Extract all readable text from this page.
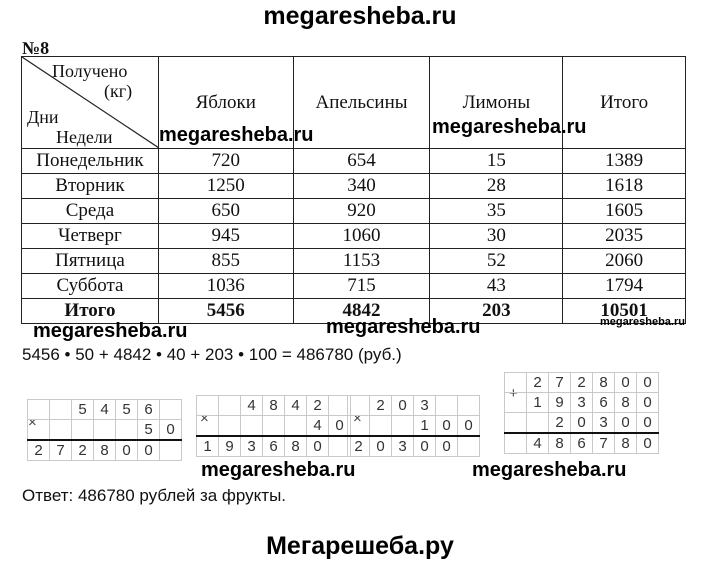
megaresheba.ru
№8
Получено
(кг)
Дни
Недели	Яблоки	Апельсины	Лимоны	Итого
Понедельник	720	654	15	1389
Вторник	1250	340	28	1618
Среда	650	920	35	1605
Четверг	945	1060	30	2035
Пятница	855	1153	52	2060
Суббота	1036	715	43	1794
Итого	5456	4842	203	10501
megaresheba.ru	megaresheba.ru
megaresheba.ru	megaresheba.ru	megaresheba.ru
5456 • 50 + 4842 • 40 + 203 • 100 = 486780 (руб.)
×
		5	4	5	6	
					5	0
2	7	2	8	0	0	
×
		4	8	4	2	
					4	0
1	9	3	6	8	0	
×
	2	0	3		
			1	0	0
2	0	3	0	0	
+
	2	7	2	8	0	0
	1	9	3	6	8	0
		2	0	3	0	0
	4	8	6	7	8	0
megaresheba.ru	megaresheba.ru
Ответ: 486780 рублей за фрукты.
Мегарешеба.ру
